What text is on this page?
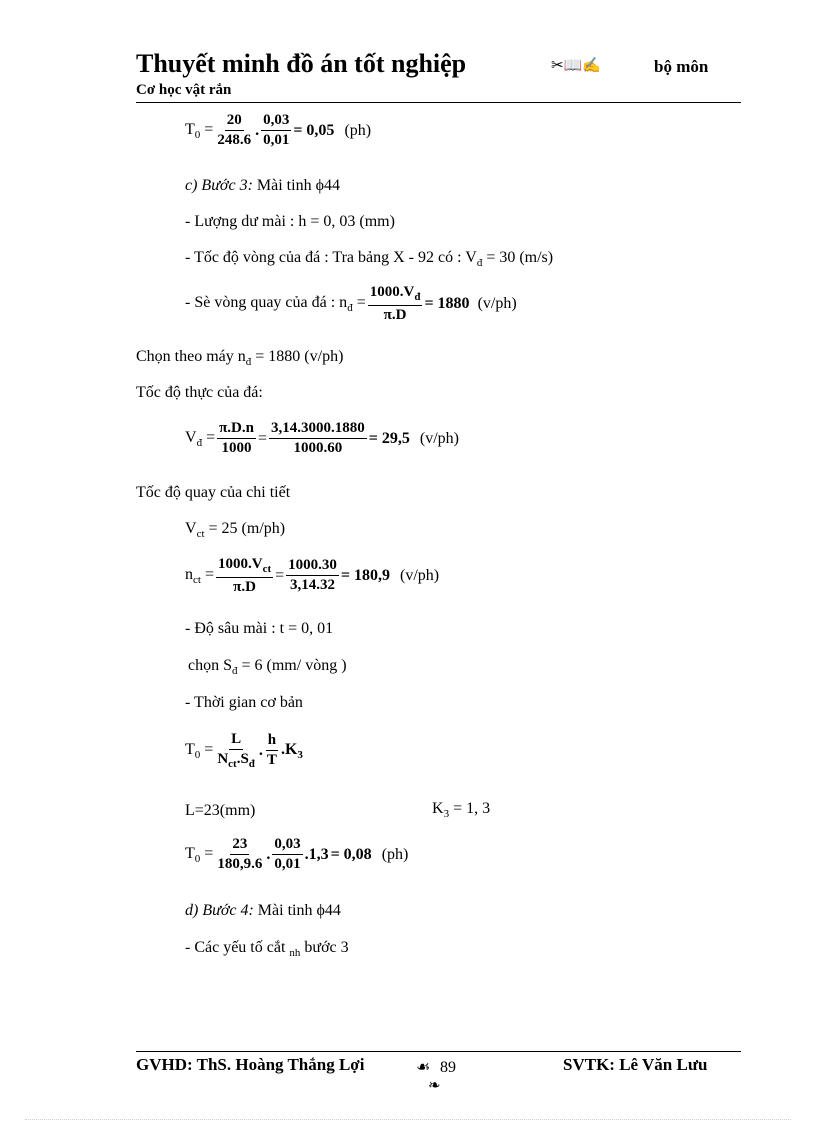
Thuyết minh đồ án tốt nghiệp	✂📖✍	bộ môn
Cơ học vật rắn
$T_0 = \frac{20}{248.6}$ . $\frac{0,03}{0,01} = 0,05$ (ph)
c) Bước 3: Mài tinh ϕ44
- Lượng dư mài : h = 0, 03 (mm)
- Tốc độ vòng của đá : Tra bảng X - 92 có : $V_đ = 30$ (m/s)
- Sè vòng quay của đá : $n_đ = \frac{1000.V_đ}{\pi.D} = 1880$ (v/ph)
Chọn theo máy $n_đ = 1880$ (v/ph)
Tốc độ thực của đá:
$V_đ = \frac{\pi.D.n}{1000} = \frac{3,14.3000.1880}{1000.60} = 29,5$ (v/ph)
Tốc độ quay của chi tiết
$V_{ct} = 25$ (m/ph)
$n_{ct} = \frac{1000.V_{ct}}{\pi.D} = \frac{1000.30}{3,14.32} = 180,9$ (v/ph)
- Độ sâu mài : t = 0, 01
chọn $S_đ = 6$ (mm/ vòng )
- Thời gian cơ bản
$T_0 = \frac{L}{N_{ct}.S_đ}$ . $\frac{h}{T} .K_3$
L=23(mm)	$K_3 = 1$, 3
$T_0 = \frac{23}{180,9.6}$ . $\frac{0,03}{0,01} .1,3 = 0,08$ (ph)
d) Bước 4: Mài tinh ϕ44
- Các yếu tố cắt $_{nh}$ bước 3
GVHD: ThS. Hoàng Thắng Lợi	☙ 89
❧
SVTK: Lê Văn Lưu
